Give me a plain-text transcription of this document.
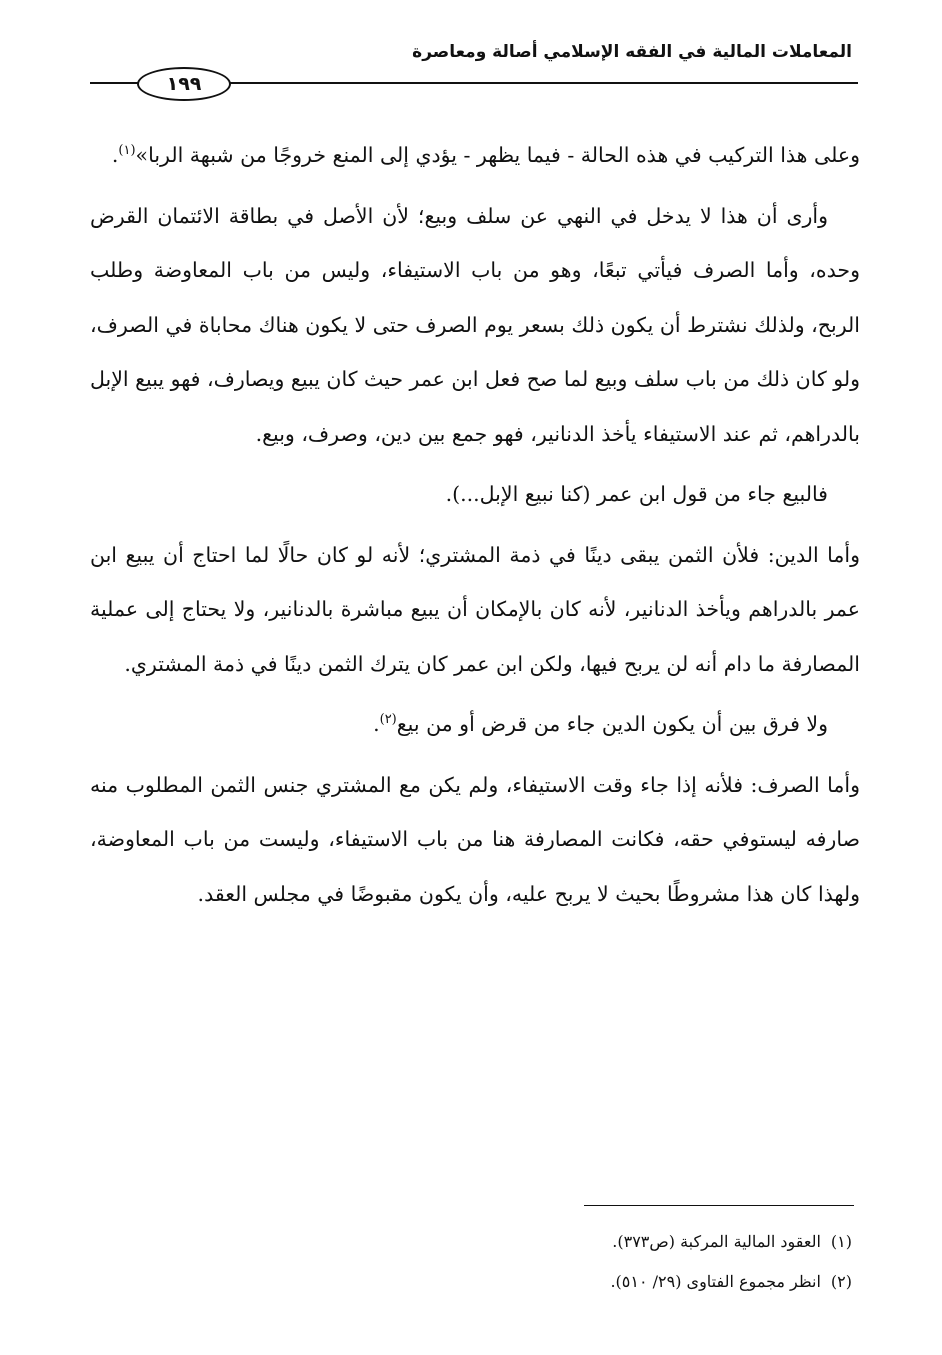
المعاملات المالية في الفقه الإسلامي أصالة ومعاصرة
١٩٩

وعلى هذا التركيب في هذه الحالة - فيما يظهر - يؤدي إلى المنع خروجًا من شبهة الربا»$^{(١)}$.

وأرى أن هذا لا يدخل في النهي عن سلف وبيع؛ لأن الأصل في بطاقة الائتمان القرض وحده، وأما الصرف فيأتي تبعًا، وهو من باب الاستيفاء، وليس من باب المعاوضة وطلب الربح، ولذلك نشترط أن يكون ذلك بسعر يوم الصرف حتى لا يكون هناك محاباة في الصرف، ولو كان ذلك من باب سلف وبيع لما صح فعل ابن عمر حيث كان يبيع ويصارف، فهو يبيع الإبل بالدراهم، ثم عند الاستيفاء يأخذ الدنانير، فهو جمع بين دين، وصرف، وبيع.

فالبيع جاء من قول ابن عمر (كنا نبيع الإبل...).

وأما الدين: فلأن الثمن يبقى دينًا في ذمة المشتري؛ لأنه لو كان حالًا لما احتاج أن يبيع ابن عمر بالدراهم ويأخذ الدنانير، لأنه كان بالإمكان أن يبيع مباشرة بالدنانير، ولا يحتاج إلى عملية المصارفة ما دام أنه لن يربح فيها، ولكن ابن عمر كان يترك الثمن دينًا في ذمة المشتري.

ولا فرق بين أن يكون الدين جاء من قرض أو من بيع$^{(٢)}$.

وأما الصرف: فلأنه إذا جاء وقت الاستيفاء، ولم يكن مع المشتري جنس الثمن المطلوب منه صارفه ليستوفي حقه، فكانت المصارفة هنا من باب الاستيفاء، وليست من باب المعاوضة، ولهذا كان هذا مشروطًا بحيث لا يربح عليه، وأن يكون مقبوضًا في مجلس العقد.

(١)العقود المالية المركبة (ص٣٧٣).

(٢)انظر مجموع الفتاوى (٢٩/ ٥١٠).
